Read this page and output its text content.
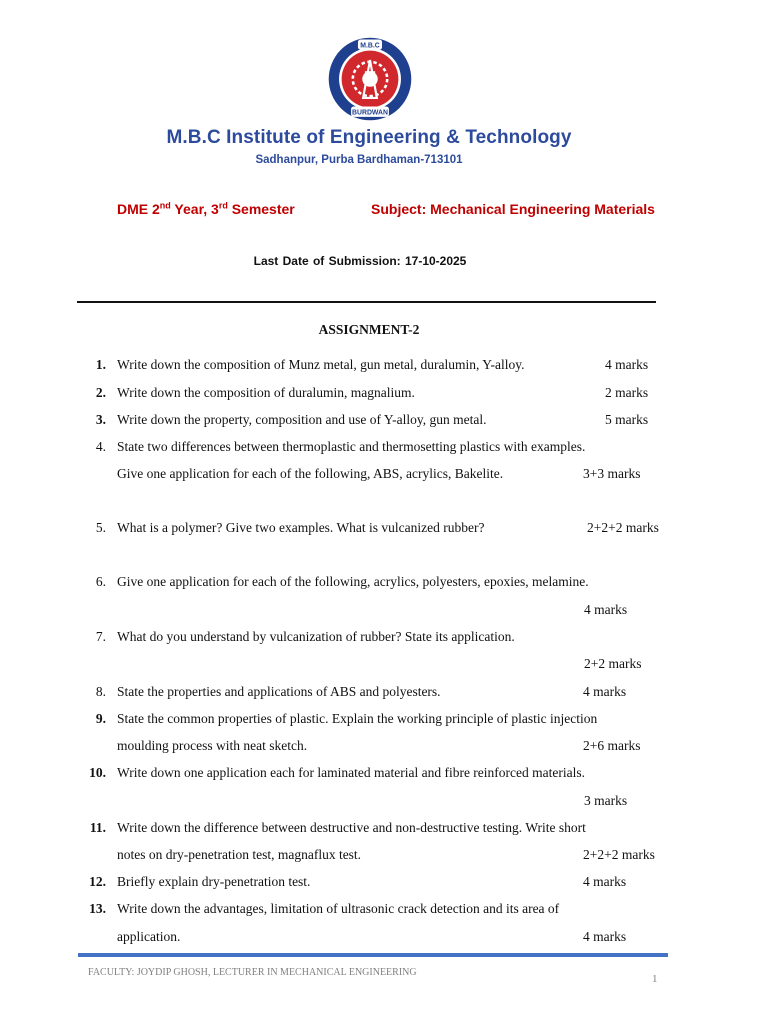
M.B.C
BURDWAN
M.B.C Institute of Engineering & Technology
Sadhanpur, Purba Bardhaman-713101
DME 2nd Year, 3rd Semester	Subject: Mechanical Engineering Materials
Last Date of Submission: 17-10-2025
ASSIGNMENT-2
1. Write down the composition of Munz metal, gun metal, duralumin, Y-alloy.	4 marks
2. Write down the composition of duralumin, magnalium.	2 marks
3. Write down the property, composition and use of Y-alloy, gun metal.	5 marks
4. State two differences between thermoplastic and thermosetting plastics with examples.
Give one application for each of the following, ABS, acrylics, Bakelite.	3+3 marks
5. What is a polymer? Give two examples. What is vulcanized rubber?	2+2+2 marks
6. Give one application for each of the following, acrylics, polyesters, epoxies, melamine.
4 marks
7. What do you understand by vulcanization of rubber? State its application.
2+2 marks
8. State the properties and applications of ABS and polyesters.	4 marks
9. State the common properties of plastic. Explain the working principle of plastic injection
moulding process with neat sketch.	2+6 marks
10. Write down one application each for laminated material and fibre reinforced materials.
3 marks
11. Write down the difference between destructive and non-destructive testing. Write short
notes on dry-penetration test, magnaflux test.	2+2+2 marks
12. Briefly explain dry-penetration test.	4 marks
13. Write down the advantages, limitation of ultrasonic crack detection and its area of
application.	4 marks
FACULTY: JOYDIP GHOSH, LECTURER IN MECHANICAL ENGINEERING
1
